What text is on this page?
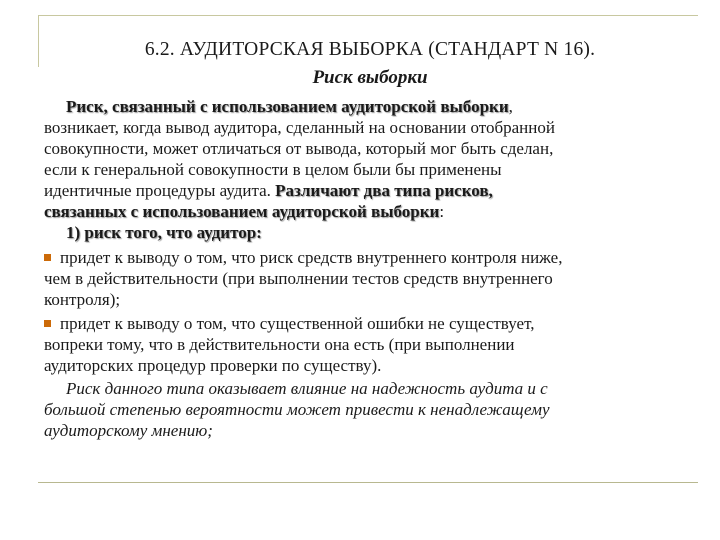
6.2. АУДИТОРСКАЯ ВЫБОРКА (СТАНДАРТ N 16).
Риск выборки
Риск, связанный с использованием аудиторской выборки,
возникает, когда вывод аудитора, сделанный на основании отобранной
совокупности, может отличаться от вывода, который мог быть сделан,
если к генеральной совокупности в целом были бы применены
идентичные процедуры аудита. Различают два типа рисков,
связанных с использованием аудиторской выборки:
1) риск того, что аудитор:
придет к выводу о том, что риск средств внутреннего контроля ниже,
чем в действительности (при выполнении тестов средств внутреннего
контроля);
придет к выводу о том, что существенной ошибки не существует,
вопреки тому, что в действительности она есть (при выполнении
аудиторских процедур проверки по существу).
Риск данного типа оказывает влияние на надежность аудита и с
большой степенью вероятности может привести к ненадлежащему
аудиторскому мнению;
